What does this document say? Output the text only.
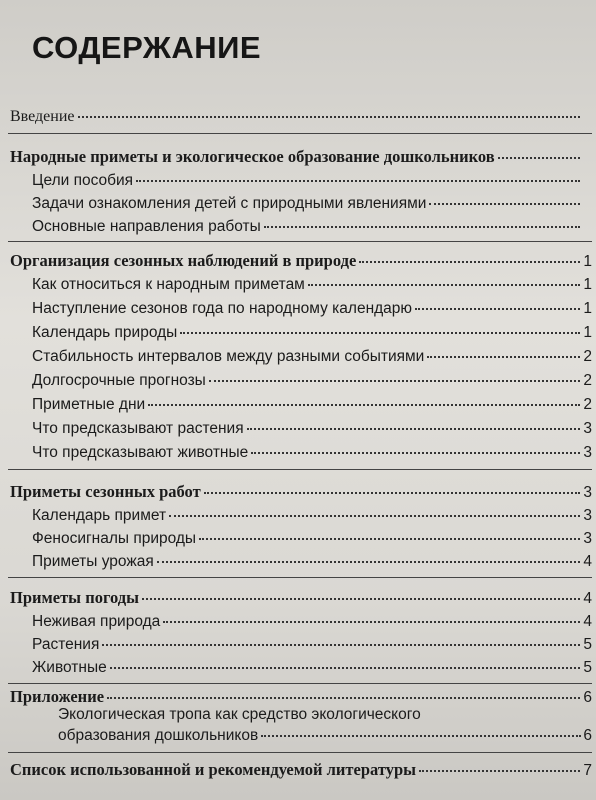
СОДЕРЖАНИЕ
Введение
Народные приметы и экологическое образование дошкольников
Цели пособия
Задачи ознакомления детей с природными явлениями
Основные направления работы
Организация сезонных наблюдений в природе	1
Как относиться к народным приметам	1
Наступление сезонов года по народному календарю	1
Календарь природы	1
Стабильность интервалов между разными событиями	2
Долгосрочные прогнозы	2
Приметные дни	2
Что предсказывают растения	3
Что предсказывают животные	3
Приметы сезонных работ	3
Календарь примет	3
Феносигналы природы	3
Приметы урожая	4
Приметы погоды	4
Неживая природа	4
Растения	5
Животные	5
Приложение	6
Экологическая тропа как средство экологического
образования дошкольников	6
Список использованной и рекомендуемой литературы	7
